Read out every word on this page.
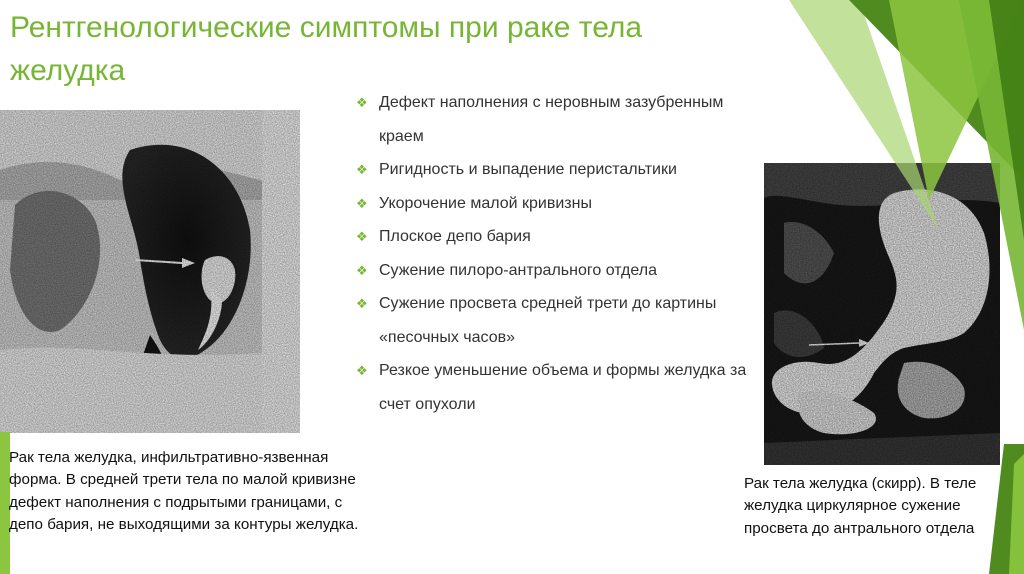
Рентгенологические симптомы при раке тела желудка
❖ Дефект наполнения с неровным зазубренным краем
❖ Ригидность и выпадение перистальтики
❖ Укорочение малой кривизны
❖ Плоское депо бария
❖ Сужение пилоро-антрального отдела
❖ Сужение просвета средней трети до картины «песочных часов»
❖ Резкое уменьшение объема и формы желудка за счет опухоли
Рак тела желудка, инфильтративно-язвенная форма. В средней трети тела по малой кривизне дефект наполнения с подрытыми границами, с депо бария, не выходящими за контуры желудка.
Рак тела желудка (скирр). В теле желудка циркулярное сужение просвета до антрального отдела
